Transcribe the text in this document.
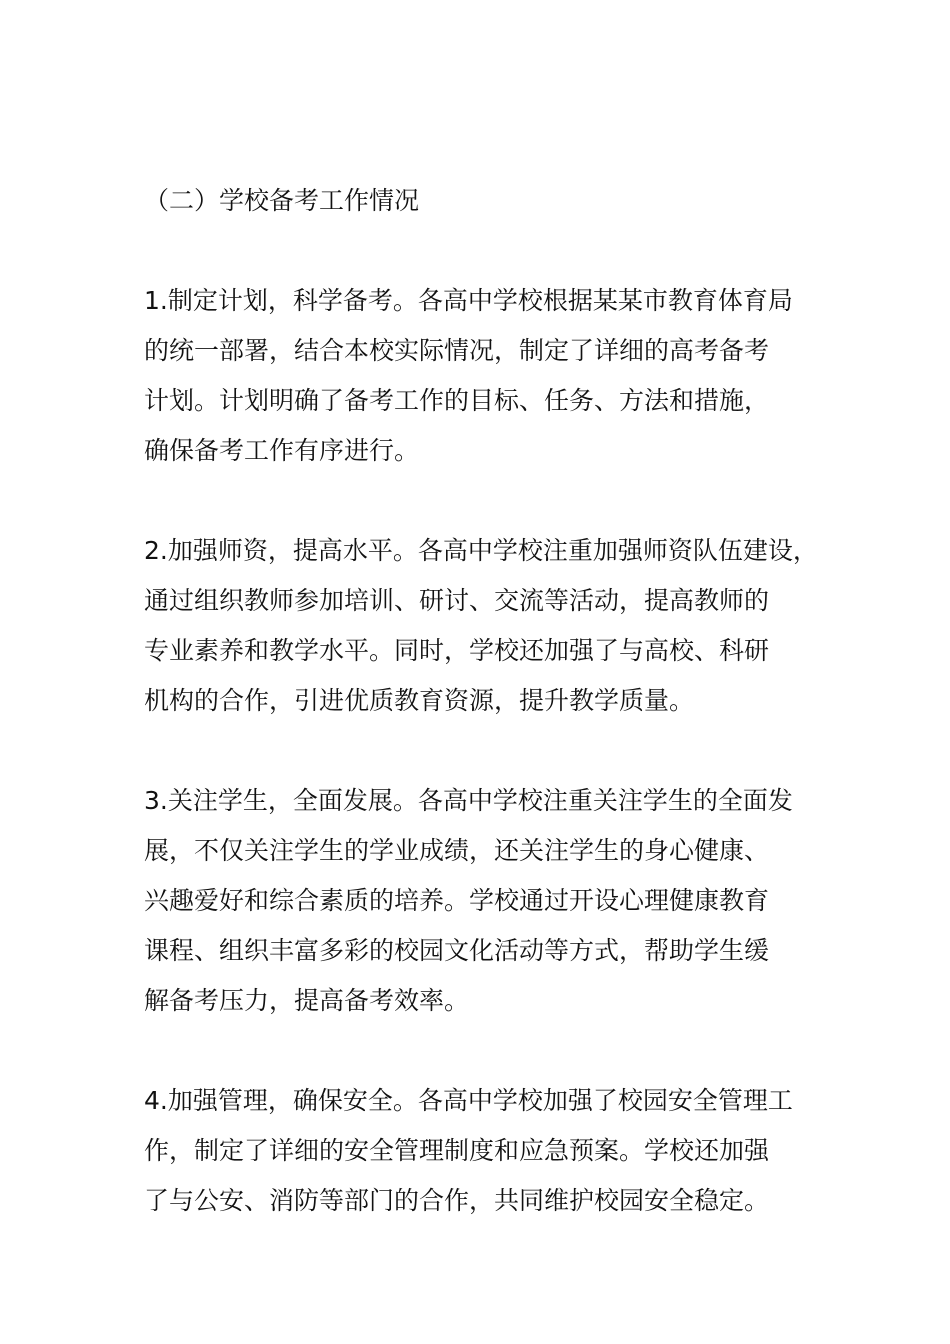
（二）学校备考工作情况
1.制定计划，科学备考。各高中学校根据某某市教育体育局
的统一部署，结合本校实际情况，制定了详细的高考备考
计划。计划明确了备考工作的目标、任务、方法和措施，
确保备考工作有序进行。
2.加强师资，提高水平。各高中学校注重加强师资队伍建设，
通过组织教师参加培训、研讨、交流等活动，提高教师的
专业素养和教学水平。同时，学校还加强了与高校、科研
机构的合作，引进优质教育资源，提升教学质量。
3.关注学生，全面发展。各高中学校注重关注学生的全面发
展，不仅关注学生的学业成绩，还关注学生的身心健康、
兴趣爱好和综合素质的培养。学校通过开设心理健康教育
课程、组织丰富多彩的校园文化活动等方式，帮助学生缓
解备考压力，提高备考效率。
4.加强管理，确保安全。各高中学校加强了校园安全管理工
作，制定了详细的安全管理制度和应急预案。学校还加强
了与公安、消防等部门的合作，共同维护校园安全稳定。
